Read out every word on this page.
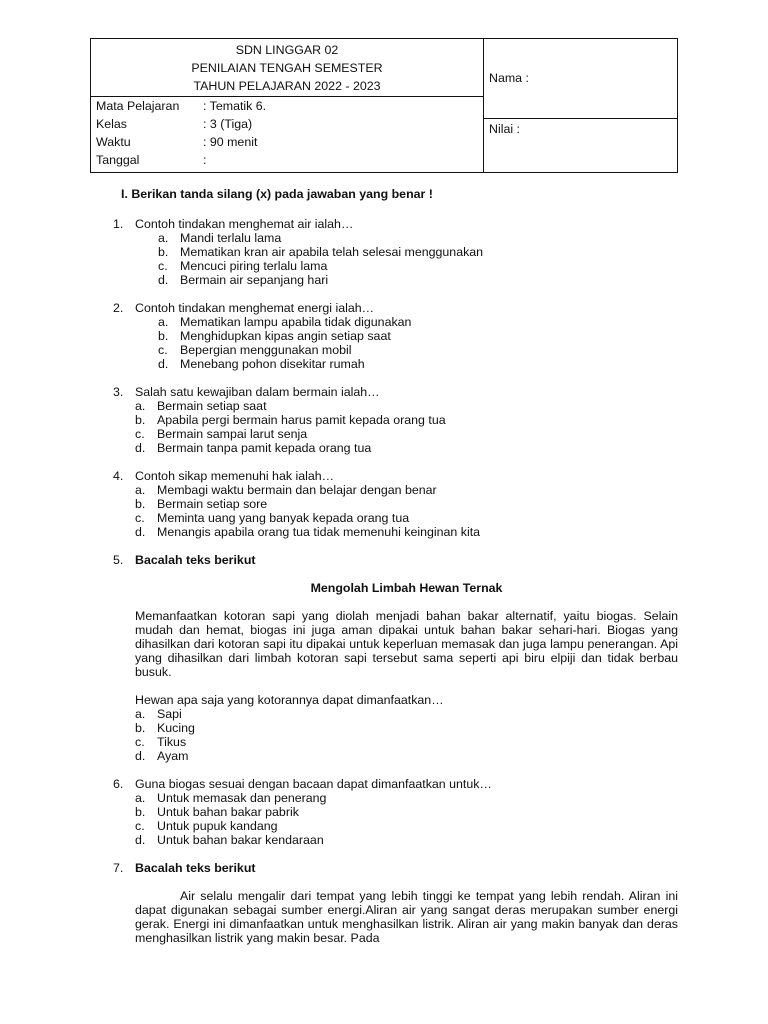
SDN LINGGAR 02
PENILAIAN TENGAH SEMESTER
TAHUN PELAJARAN 2022 - 2023
Mata Pelajaran	: Tematik 6.
Kelas	: 3 (Tiga)
Waktu	: 90 menit
Tanggal	:
Nama :
Nilai :
I. Berikan tanda silang (x) pada jawaban yang benar !
1. Contoh tindakan menghemat air ialah…
a. Mandi terlalu lama
b. Mematikan kran air apabila telah selesai menggunakan
c. Mencuci piring terlalu lama
d. Bermain air sepanjang hari
2. Contoh tindakan menghemat energi ialah…
a. Mematikan lampu apabila tidak digunakan
b. Menghidupkan kipas angin setiap saat
c. Bepergian menggunakan mobil
d. Menebang pohon disekitar rumah
3. Salah satu kewajiban dalam bermain ialah…
a. Bermain setiap saat
b. Apabila pergi bermain harus pamit kepada orang tua
c. Bermain sampai larut senja
d. Bermain tanpa pamit kepada orang tua
4. Contoh sikap memenuhi hak ialah…
a. Membagi waktu bermain dan belajar dengan benar
b. Bermain setiap sore
c. Meminta uang yang banyak kepada orang tua
d. Menangis apabila orang tua tidak memenuhi keinginan kita
5. Bacalah teks berikut
Mengolah Limbah Hewan Ternak
Memanfaatkan kotoran sapi yang diolah menjadi bahan bakar alternatif, yaitu biogas. Selain mudah dan hemat, biogas ini juga aman dipakai untuk bahan bakar sehari-hari. Biogas yang dihasilkan dari kotoran sapi itu dipakai untuk keperluan memasak dan juga lampu penerangan. Api yang dihasilkan dari limbah kotoran sapi tersebut sama seperti api biru elpiji dan tidak berbau busuk.
Hewan apa saja yang kotorannya dapat dimanfaatkan…
a. Sapi
b. Kucing
c. Tikus
d. Ayam
6. Guna biogas sesuai dengan bacaan dapat dimanfaatkan untuk…
a. Untuk memasak dan penerang
b. Untuk bahan bakar pabrik
c. Untuk pupuk kandang
d. Untuk bahan bakar kendaraan
7. Bacalah teks berikut
Air selalu mengalir dari tempat yang lebih tinggi ke tempat yang lebih rendah. Aliran ini dapat digunakan sebagai sumber energi.Aliran air yang sangat deras merupakan sumber energi gerak. Energi ini dimanfaatkan untuk menghasilkan listrik. Aliran air yang makin banyak dan deras menghasilkan listrik yang makin besar. Pada
